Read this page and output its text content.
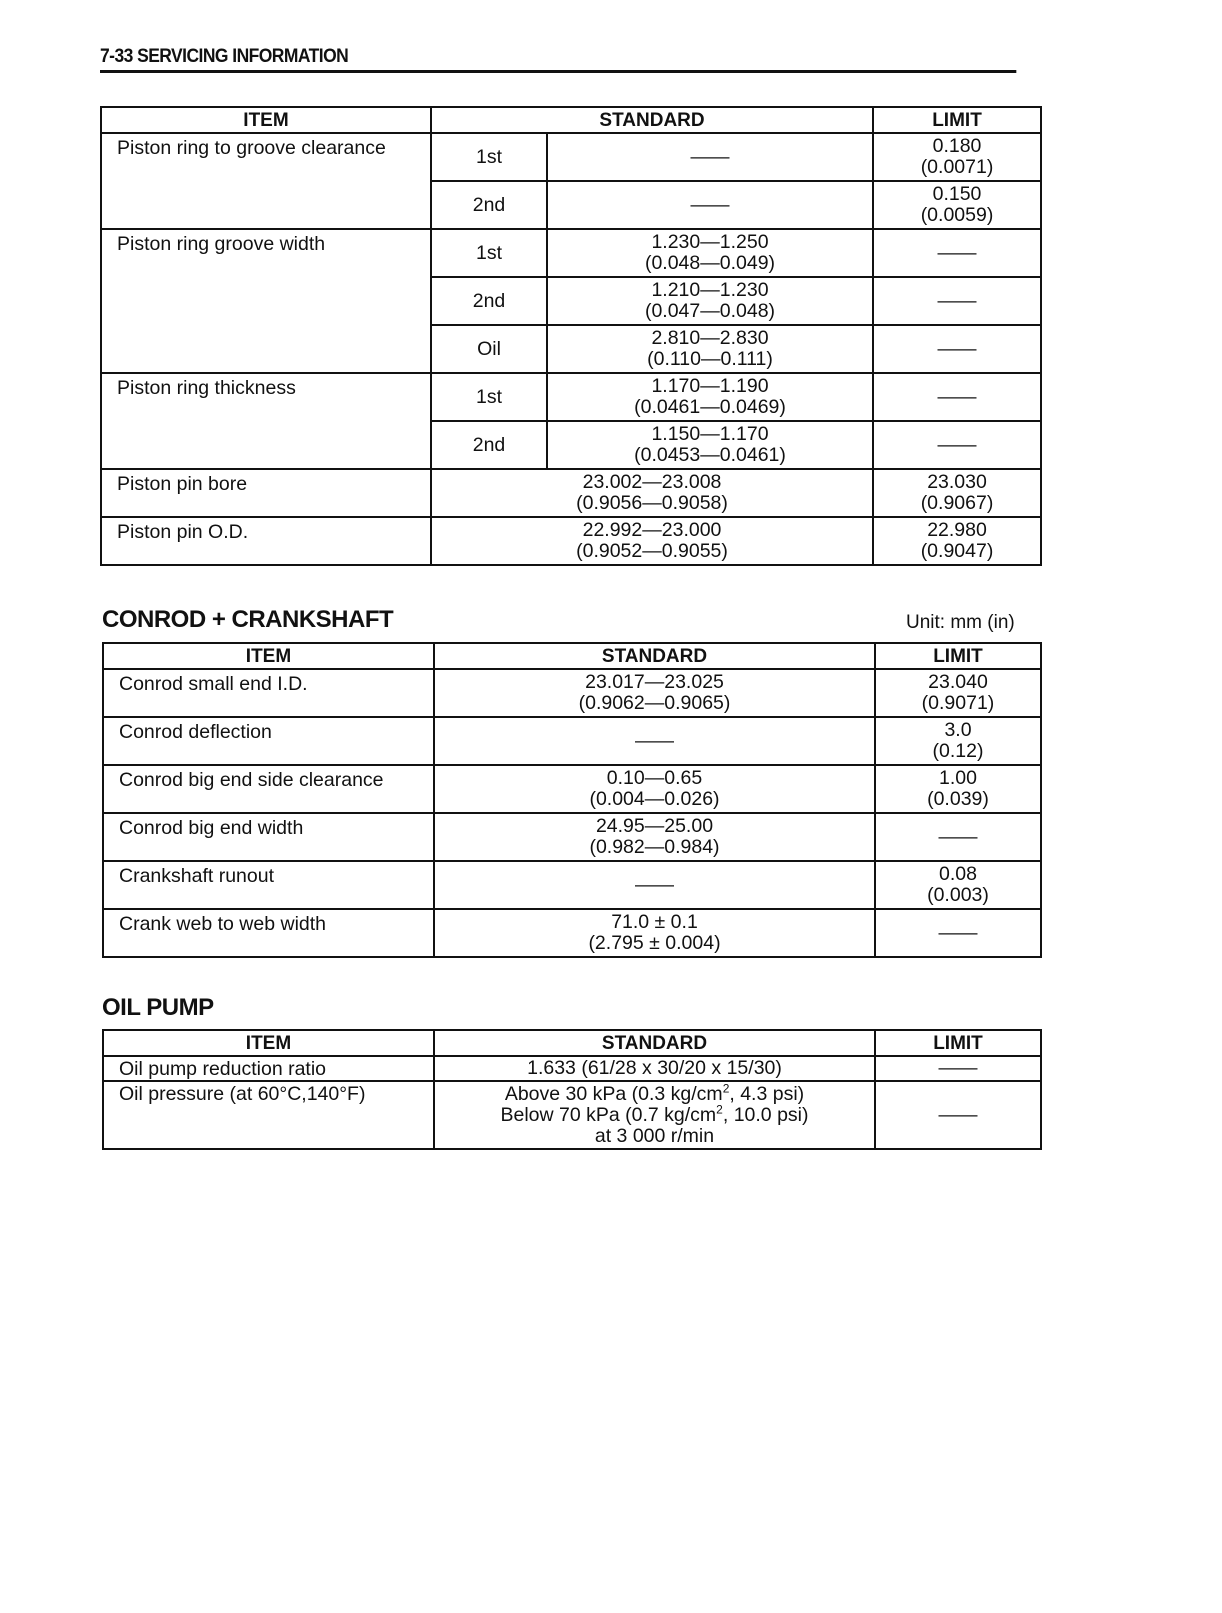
7-33 SERVICING INFORMATION
ITEM	STANDARD		LIMIT
Piston ring to groove clearance	1st	——	0.180
(0.0071)

	2nd	——	0.150
(0.0059)

Piston ring groove width	1st	1.230—1.250
(0.048—0.049)	——

	2nd	1.210—1.230
(0.047—0.048)	——

	Oil	2.810—2.830
(0.110—0.111)	——

Piston ring thickness	1st	1.170—1.190
(0.0461—0.0469)	——

	2nd	1.150—1.170
(0.0453—0.0461)	——

Piston pin bore	23.002—23.008
(0.9056—0.9058)		23.030
(0.9067)

Piston pin O.D.	22.992—23.000
(0.9052—0.9055)		22.980
(0.9047)
CONROD + CRANKSHAFT	Unit: mm (in)
ITEM	STANDARD	LIMIT
Conrod small end I.D.	23.017—23.025
(0.9062—0.9065)	23.040
(0.9071)

Conrod deflection	——	3.0
(0.12)

Conrod big end side clearance	0.10—0.65
(0.004—0.026)	1.00
(0.039)

Conrod big end width	24.95—25.00
(0.982—0.984)	——

Crankshaft runout	——	0.08
(0.003)

Crank web to web width	71.0 ± 0.1
(2.795 ± 0.004)	——
OIL PUMP
ITEM	STANDARD	LIMIT
Oil pump reduction ratio	1.633 (61/28 x 30/20 x 15/30)	——
Oil pressure (at 60°C,140°F)	Above 30 kPa (0.3 $kg/cm^2$, 4.3 psi)
Below 70 kPa (0.7 $kg/cm^2$, 10.0 psi)
at 3 000 r/min	——
